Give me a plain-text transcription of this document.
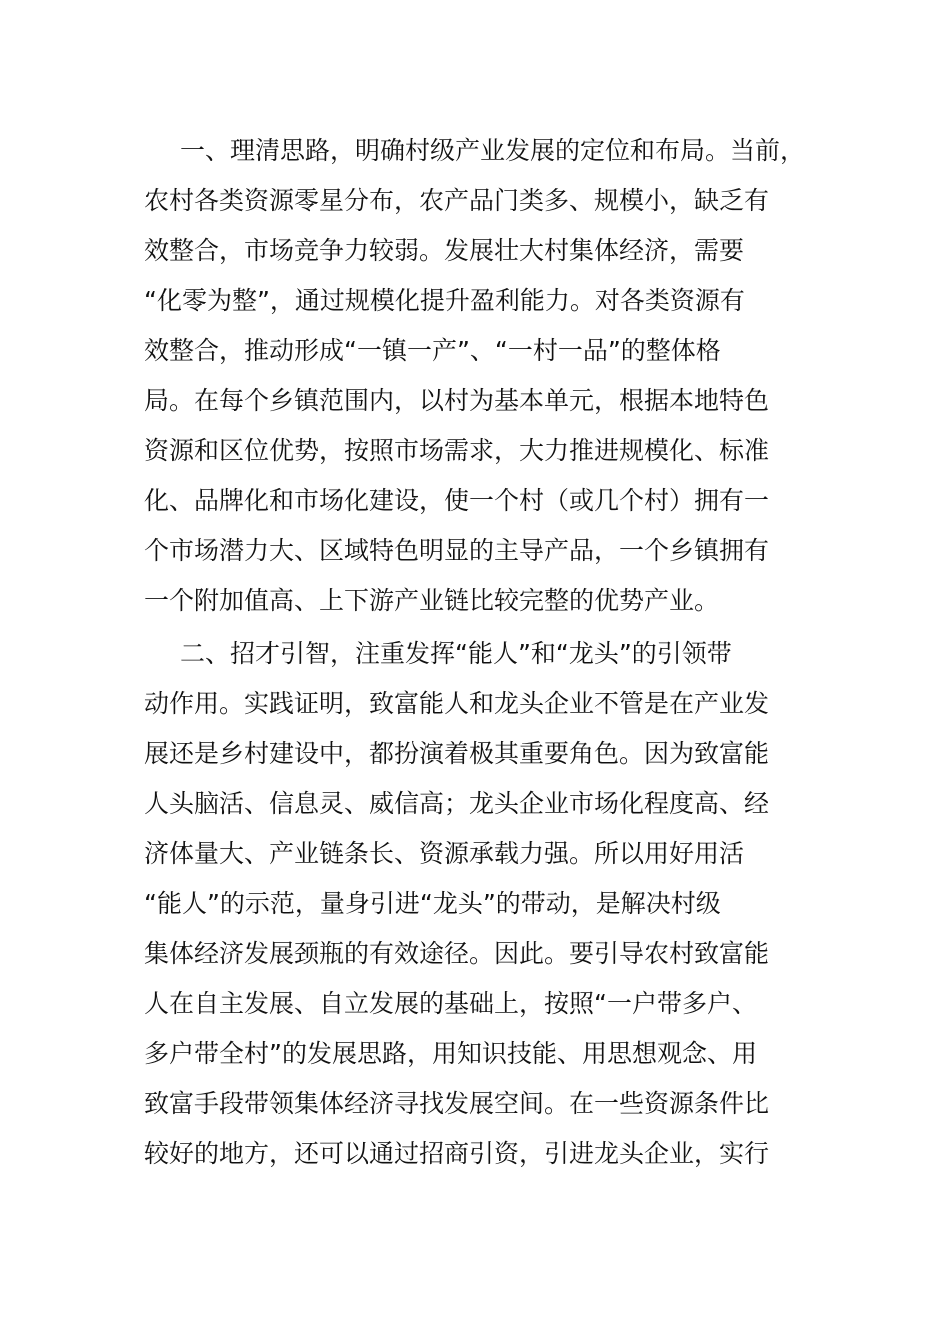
一、理清思路，明确村级产业发展的定位和布局。当前，
农村各类资源零星分布，农产品门类多、规模小，缺乏有
效整合，市场竞争力较弱。发展壮大村集体经济，需要
“化零为整”，通过规模化提升盈利能力。对各类资源有
效整合，推动形成“一镇一产”、“一村一品”的整体格
局。在每个乡镇范围内，以村为基本单元，根据本地特色
资源和区位优势，按照市场需求，大力推进规模化、标准
化、品牌化和市场化建设，使一个村（或几个村）拥有一
个市场潜力大、区域特色明显的主导产品，一个乡镇拥有
一个附加值高、上下游产业链比较完整的优势产业。
二、招才引智，注重发挥“能人”和“龙头”的引领带
动作用。实践证明，致富能人和龙头企业不管是在产业发
展还是乡村建设中，都扮演着极其重要角色。因为致富能
人头脑活、信息灵、威信高；龙头企业市场化程度高、经
济体量大、产业链条长、资源承载力强。所以用好用活
“能人”的示范，量身引进“龙头”的带动，是解决村级
集体经济发展颈瓶的有效途径。因此。要引导农村致富能
人在自主发展、自立发展的基础上，按照“一户带多户、
多户带全村”的发展思路，用知识技能、用思想观念、用
致富手段带领集体经济寻找发展空间。在一些资源条件比
较好的地方，还可以通过招商引资，引进龙头企业，实行
